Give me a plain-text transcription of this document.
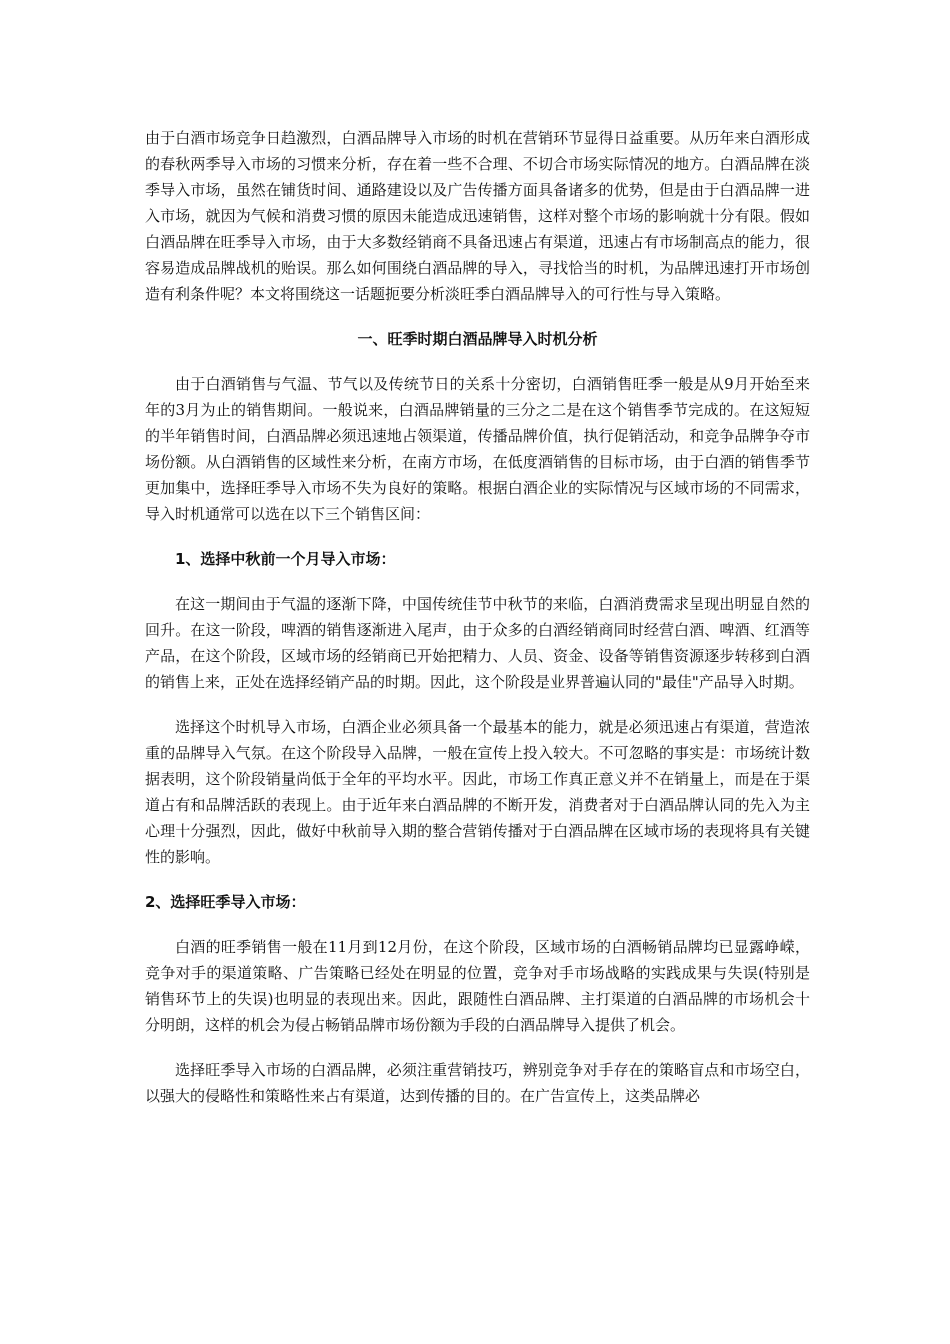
由于白酒市场竞争日趋激烈，白酒品牌导入市场的时机在营销环节显得日益重要。从历年来白酒形成的春秋两季导入市场的习惯来分析，存在着一些不合理、不切合市场实际情况的地方。白酒品牌在淡季导入市场，虽然在铺货时间、通路建设以及广告传播方面具备诸多的优势，但是由于白酒品牌一进入市场，就因为气候和消费习惯的原因未能造成迅速销售，这样对整个市场的影响就十分有限。假如白酒品牌在旺季导入市场，由于大多数经销商不具备迅速占有渠道，迅速占有市场制高点的能力，很容易造成品牌战机的贻误。那么如何围绕白酒品牌的导入，寻找恰当的时机，为品牌迅速打开市场创造有利条件呢？本文将围绕这一话题扼要分析淡旺季白酒品牌导入的可行性与导入策略。

一、旺季时期白酒品牌导入时机分析

由于白酒销售与气温、节气以及传统节日的关系十分密切，白酒销售旺季一般是从9月开始至来年的3月为止的销售期间。一般说来，白酒品牌销量的三分之二是在这个销售季节完成的。在这短短的半年销售时间，白酒品牌必须迅速地占领渠道，传播品牌价值，执行促销活动，和竞争品牌争夺市场份额。从白酒销售的区域性来分析，在南方市场，在低度酒销售的目标市场，由于白酒的销售季节更加集中，选择旺季导入市场不失为良好的策略。根据白酒企业的实际情况与区域市场的不同需求，导入时机通常可以选在以下三个销售区间：

1、选择中秋前一个月导入市场：

在这一期间由于气温的逐渐下降，中国传统佳节中秋节的来临，白酒消费需求呈现出明显自然的回升。在这一阶段，啤酒的销售逐渐进入尾声，由于众多的白酒经销商同时经营白酒、啤酒、红酒等产品，在这个阶段，区域市场的经销商已开始把精力、人员、资金、设备等销售资源逐步转移到白酒的销售上来，正处在选择经销产品的时期。因此，这个阶段是业界普遍认同的"最佳"产品导入时期。

选择这个时机导入市场，白酒企业必须具备一个最基本的能力，就是必须迅速占有渠道，营造浓重的品牌导入气氛。在这个阶段导入品牌，一般在宣传上投入较大。不可忽略的事实是：市场统计数据表明，这个阶段销量尚低于全年的平均水平。因此，市场工作真正意义并不在销量上，而是在于渠道占有和品牌活跃的表现上。由于近年来白酒品牌的不断开发，消费者对于白酒品牌认同的先入为主心理十分强烈，因此，做好中秋前导入期的整合营销传播对于白酒品牌在区域市场的表现将具有关键性的影响。

2、选择旺季导入市场：

白酒的旺季销售一般在11月到12月份，在这个阶段，区域市场的白酒畅销品牌均已显露峥嵘，竞争对手的渠道策略、广告策略已经处在明显的位置，竞争对手市场战略的实践成果与失误(特别是销售环节上的失误)也明显的表现出来。因此，跟随性白酒品牌、主打渠道的白酒品牌的市场机会十分明朗，这样的机会为侵占畅销品牌市场份额为手段的白酒品牌导入提供了机会。

选择旺季导入市场的白酒品牌，必须注重营销技巧，辨别竞争对手存在的策略盲点和市场空白，以强大的侵略性和策略性来占有渠道，达到传播的目的。在广告宣传上，这类品牌必
